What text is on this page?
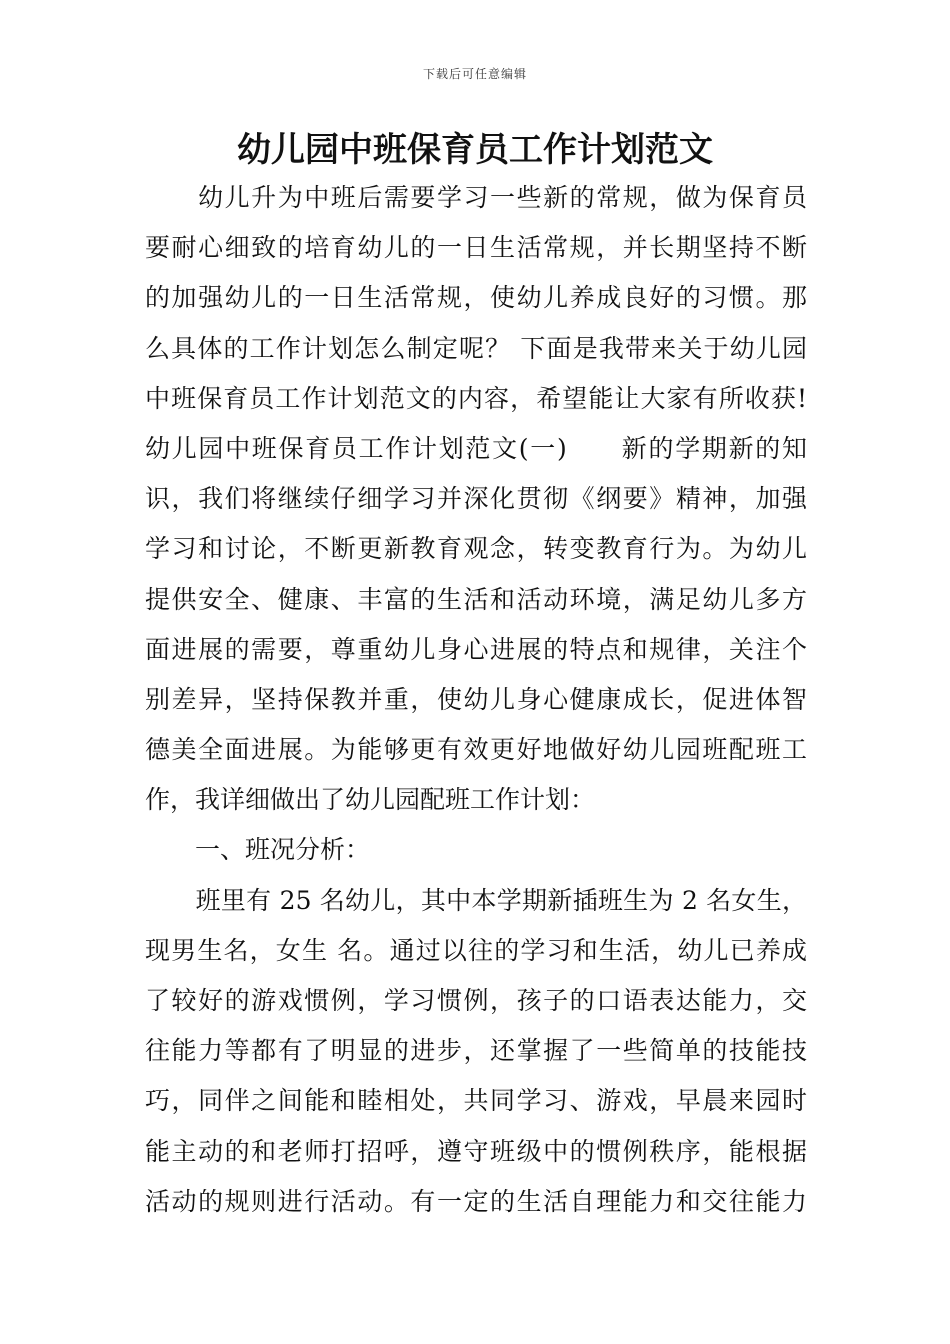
下载后可任意编辑
幼儿园中班保育员工作计划范文
　　幼儿升为中班后需要学习一些新的常规，做为保育员
要耐心细致的培育幼儿的一日生活常规，并长期坚持不断
的加强幼儿的一日生活常规，使幼儿养成良好的习惯。那
么具体的工作计划怎么制定呢？ 下面是我带来关于幼儿园
中班保育员工作计划范文的内容，希望能让大家有所收获!
幼儿园中班保育员工作计划范文(一)　　新的学期新的知
识，我们将继续仔细学习并深化贯彻《纲要》精神，加强
学习和讨论，不断更新教育观念，转变教育行为。为幼儿
提供安全、健康、丰富的生活和活动环境，满足幼儿多方
面进展的需要，尊重幼儿身心进展的特点和规律，关注个
别差异，坚持保教并重，使幼儿身心健康成长，促进体智
德美全面进展。为能够更有效更好地做好幼儿园班配班工
作，我详细做出了幼儿园配班工作计划：
　　一、班况分析：
　　班里有 25 名幼儿，其中本学期新插班生为 2 名女生，
现男生名，女生 名。通过以往的学习和生活，幼儿已养成
了较好的游戏惯例，学习惯例，孩子的口语表达能力，交
往能力等都有了明显的进步，还掌握了一些简单的技能技
巧，同伴之间能和睦相处，共同学习、游戏，早晨来园时
能主动的和老师打招呼，遵守班级中的惯例秩序，能根据
活动的规则进行活动。有一定的生活自理能力和交往能力
